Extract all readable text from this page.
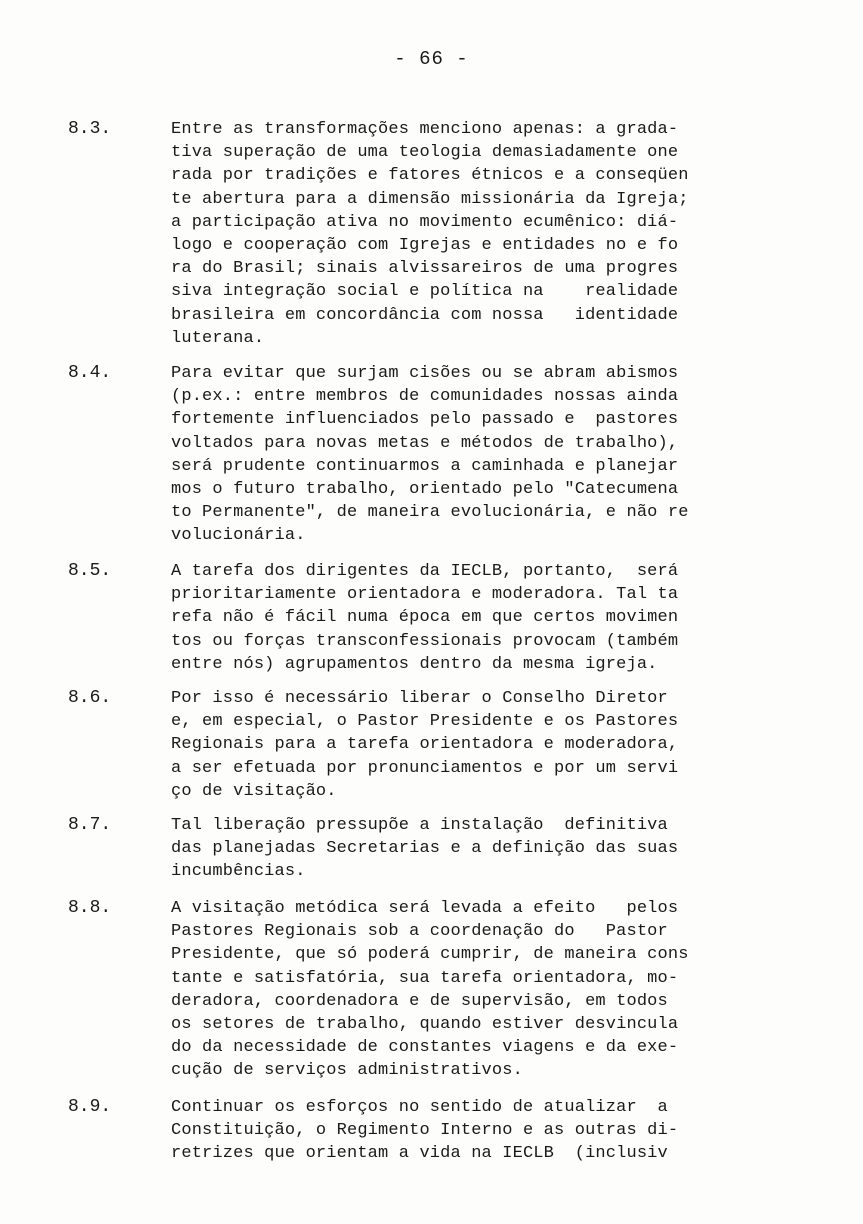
- 66 -
8.3.	Entre as transformações menciono apenas: a grada-
tiva superação de uma teologia demasiadamente one
rada por tradições e fatores étnicos e a conseqüen
te abertura para a dimensão missionária da Igreja;
a participação ativa no movimento ecumênico: diá-
logo e cooperação com Igrejas e entidades no e fo
ra do Brasil; sinais alvissareiros de uma progres
siva integração social e política na    realidade
brasileira em concordância com nossa   identidade
luterana.
8.4.	Para evitar que surjam cisões ou se abram abismos
(p.ex.: entre membros de comunidades nossas ainda
fortemente influenciados pelo passado e  pastores
voltados para novas metas e métodos de trabalho),
será prudente continuarmos a caminhada e planejar
mos o futuro trabalho, orientado pelo "Catecumena
to Permanente", de maneira evolucionária, e não re
volucionária.
8.5.	A tarefa dos dirigentes da IECLB, portanto,  será
prioritariamente orientadora e moderadora. Tal ta
refa não é fácil numa época em que certos movimen
tos ou forças transconfessionais provocam (também
entre nós) agrupamentos dentro da mesma igreja.
8.6.	Por isso é necessário liberar o Conselho Diretor
e, em especial, o Pastor Presidente e os Pastores
Regionais para a tarefa orientadora e moderadora,
a ser efetuada por pronunciamentos e por um servi
ço de visitação.
8.7.	Tal liberação pressupõe a instalação  definitiva
das planejadas Secretarias e a definição das suas
incumbências.
8.8.	A visitação metódica será levada a efeito   pelos
Pastores Regionais sob a coordenação do   Pastor
Presidente, que só poderá cumprir, de maneira cons
tante e satisfatória, sua tarefa orientadora, mo-
deradora, coordenadora e de supervisão, em todos
os setores de trabalho, quando estiver desvincula
do da necessidade de constantes viagens e da exe-
cução de serviços administrativos.
8.9.	Continuar os esforços no sentido de atualizar  a
Constituição, o Regimento Interno e as outras di-
retrizes que orientam a vida na IECLB  (inclusiv
